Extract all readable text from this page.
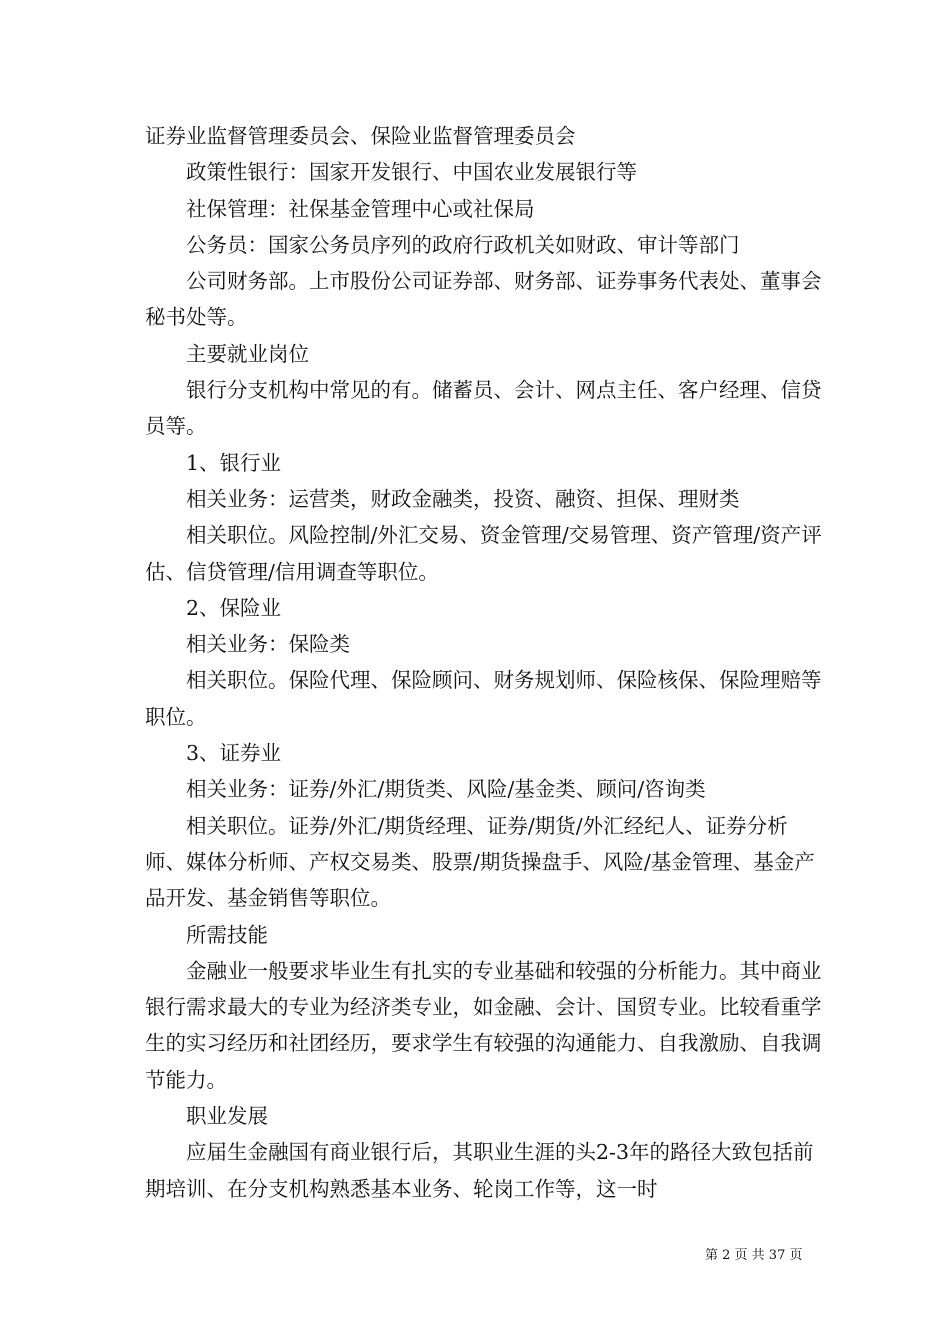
证券业监督管理委员会、保险业监督管理委员会

政策性银行：国家开发银行、中国农业发展银行等

社保管理：社保基金管理中心或社保局

公务员：国家公务员序列的政府行政机关如财政、审计等部门

公司财务部。上市股份公司证券部、财务部、证券事务代表处、董事会秘书处等。

主要就业岗位

银行分支机构中常见的有。储蓄员、会计、网点主任、客户经理、信贷员等。

1、银行业

相关业务：运营类，财政金融类，投资、融资、担保、理财类

相关职位。风险控制/外汇交易、资金管理/交易管理、资产管理/资产评估、信贷管理/信用调查等职位。

2、保险业

相关业务：保险类

相关职位。保险代理、保险顾问、财务规划师、保险核保、保险理赔等职位。

3、证券业

相关业务：证券/外汇/期货类、风险/基金类、顾问/咨询类

相关职位。证券/外汇/期货经理、证券/期货/外汇经纪人、证券分析师、媒体分析师、产权交易类、股票/期货操盘手、风险/基金管理、基金产品开发、基金销售等职位。

所需技能

金融业一般要求毕业生有扎实的专业基础和较强的分析能力。其中商业银行需求最大的专业为经济类专业，如金融、会计、国贸专业。比较看重学生的实习经历和社团经历，要求学生有较强的沟通能力、自我激励、自我调节能力。

职业发展

应届生金融国有商业银行后，其职业生涯的头2-3年的路径大致包括前期培训、在分支机构熟悉基本业务、轮岗工作等，这一时

第 2 页 共 37 页
